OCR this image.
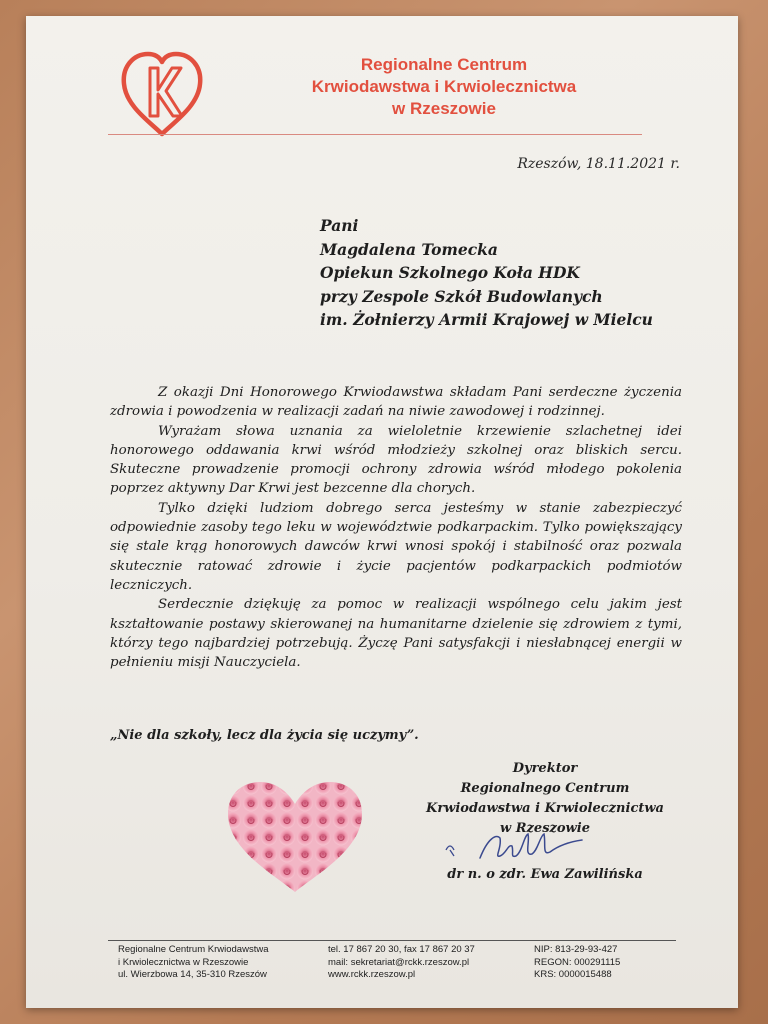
Regionalne Centrum
Krwiodawstwa i Krwiolecznictwa
w Rzeszowie
Rzeszów, 18.11.2021 r.
Pani
Magdalena Tomecka
Opiekun Szkolnego Koła HDK
przy Zespole Szkół Budowlanych
im. Żołnierzy Armii Krajowej w Mielcu

Z okazji Dni Honorowego Krwiodawstwa składam Pani serdeczne życzenia zdrowia i powodzenia w realizacji zadań na niwie zawodowej i rodzinnej.

Wyrażam słowa uznania za wieloletnie krzewienie szlachetnej idei honorowego oddawania krwi wśród młodzieży szkolnej oraz bliskich sercu. Skuteczne prowadzenie promocji ochrony zdrowia wśród młodego pokolenia poprzez aktywny Dar Krwi jest bezcenne dla chorych.

Tylko dzięki ludziom dobrego serca jesteśmy w stanie zabezpieczyć odpowiednie zasoby tego leku w województwie podkarpackim. Tylko powiększający się stale krąg honorowych dawców krwi wnosi spokój i stabilność oraz pozwala skutecznie ratować zdrowie i życie pacjentów podkarpackich podmiotów leczniczych.

Serdecznie dziękuję za pomoc w realizacji wspólnego celu jakim jest kształtowanie postawy skierowanej na humanitarne dzielenie się zdrowiem z tymi, którzy tego najbardziej potrzebują. Życzę Pani satysfakcji i niesłabnącej energii w pełnieniu misji Nauczyciela.

„Nie dla szkoły, lecz dla życia się uczymy”.
Dyrektor
Regionalnego Centrum
Krwiodawstwa i Krwiolecznictwa
w Rzeszowie
dr n. o zdr. Ewa Zawilińska
Regionalne Centrum Krwiodawstwa
i Krwiolecznictwa w Rzeszowie
ul. Wierzbowa 14, 35-310 Rzeszów
tel. 17 867 20 30, fax 17 867 20 37
mail: sekretariat@rckk.rzeszow.pl
www.rckk.rzeszow.pl
NIP: 813-29-93-427
REGON: 000291115
KRS: 0000015488
